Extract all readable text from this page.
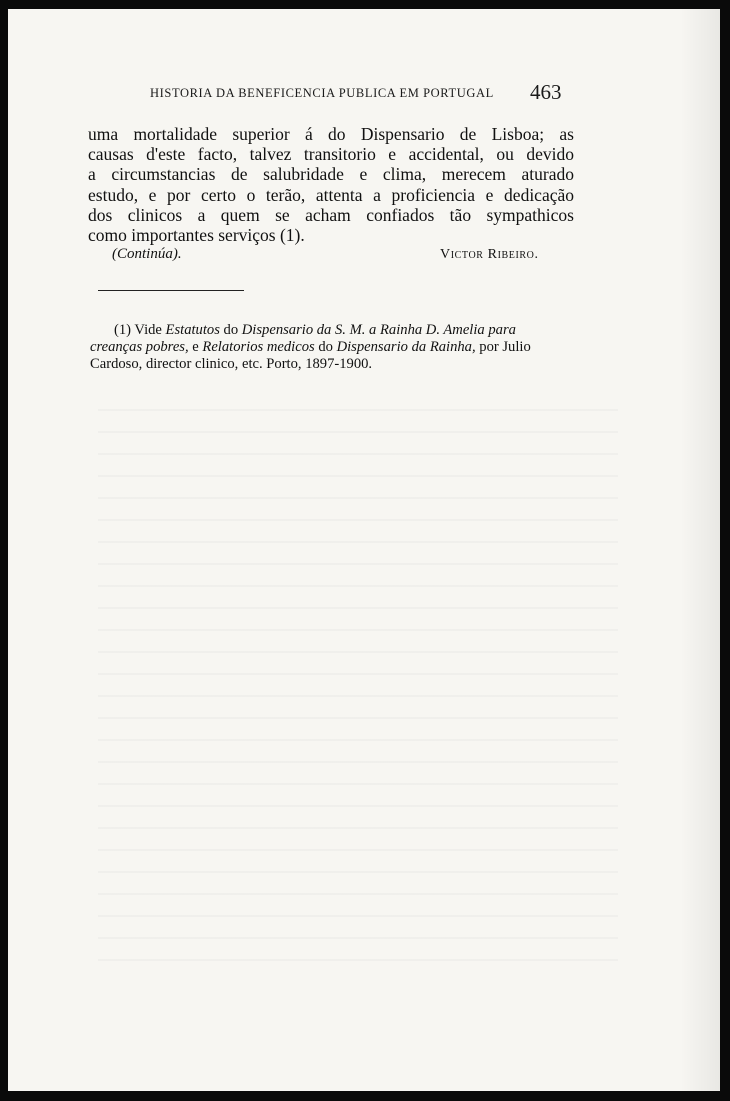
HISTORIA DA BENEFICENCIA PUBLICA EM PORTUGAL 463
uma mortalidade superior á do Dispensario de Lisboa; as
causas d'este facto, talvez transitorio e accidental, ou devido
a circumstancias de salubridade e clima, merecem aturado
estudo, e por certo o terão, attenta a proficiencia e dedicação
dos clinicos a quem se acham confiados tão sympathicos
como importantes serviços (1).
(Continúa).	Victor Ribeiro.
(1) Vide Estatutos do Dispensario da S. M. a Rainha D. Amelia para
creanças pobres, e Relatorios medicos do Dispensario da Rainha, por Julio
Cardoso, director clinico, etc. Porto, 1897-1900.
